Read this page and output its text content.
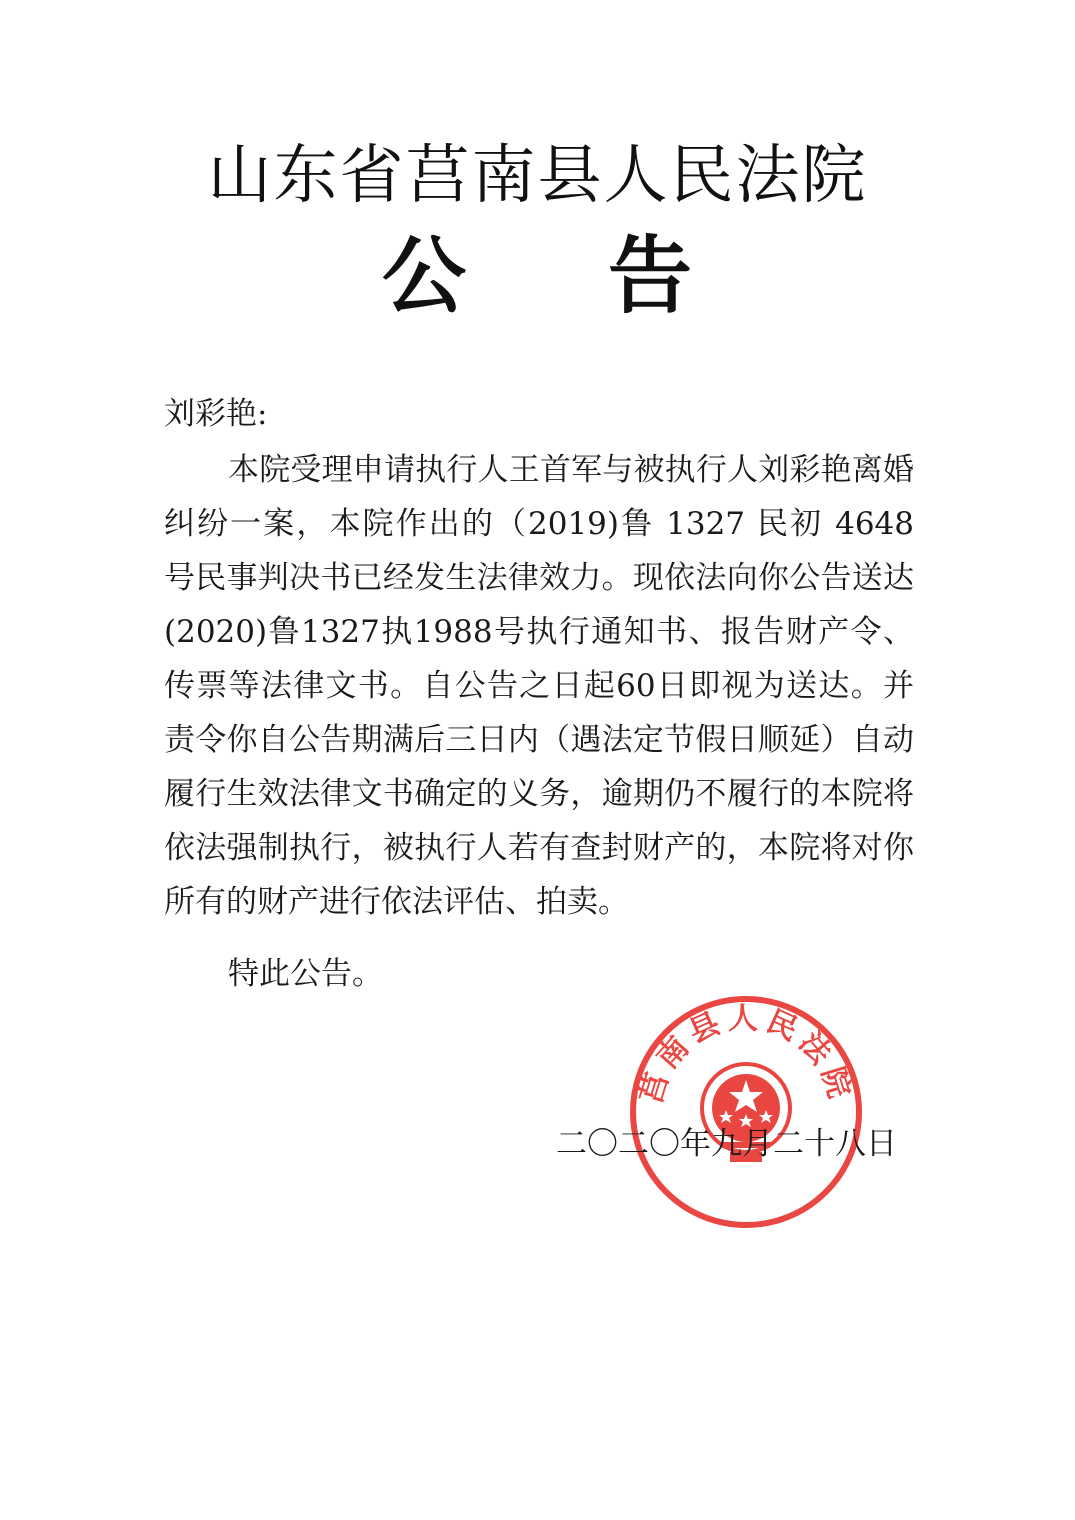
山东省莒南县人民法院
公 告
刘彩艳:

本院受理申请执行人王首军与被执行人刘彩艳离婚纠纷一案，本院作出的（2019)鲁 1327 民初 4648 号民事判决书已经发生法律效力。现依法向你公告送达(2020)鲁1327执1988号执行通知书、报告财产令、传票等法律文书。自公告之日起60日即视为送达。并责令你自公告期满后三日内（遇法定节假日顺延）自动履行生效法律文书确定的义务，逾期仍不履行的本院将依法强制执行，被执行人若有查封财产的，本院将对你所有的财产进行依法评估、拍卖。

特此公告。
莒南县人民法院
二〇二〇年九月二十八日
